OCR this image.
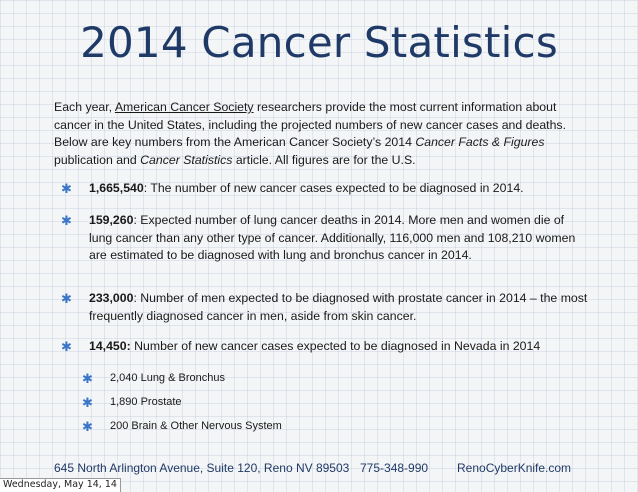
2014 Cancer Statistics

Each year, American Cancer Society researchers provide the most current information about cancer in the United States, including the projected numbers of new cancer cases and deaths. Below are key numbers from the American Cancer Society’s 2014 Cancer Facts & Figures publication and Cancer Statistics article. All figures are for the U.S.

✱	1,665,540: The number of new cancer cases expected to be diagnosed in 2014.
✱	159,260: Expected number of lung cancer deaths in 2014. More men and women die of lung cancer than any other type of cancer. Additionally, 116,000 men and 108,210 women are estimated to be diagnosed with lung and bronchus cancer in 2014.
✱	233,000: Number of men expected to be diagnosed with prostate cancer in 2014 – the most frequently diagnosed cancer in men, aside from skin cancer.
✱	14,450: Number of new cancer cases expected to be diagnosed in Nevada in 2014
✱	2,040 Lung & Bronchus
✱	1,890 Prostate
✱	200 Brain & Other Nervous System
645 North Arlington Avenue, Suite 120, Reno NV 89503 775-348-990	RenoCyberKnife.com
Wednesday, May 14, 14
